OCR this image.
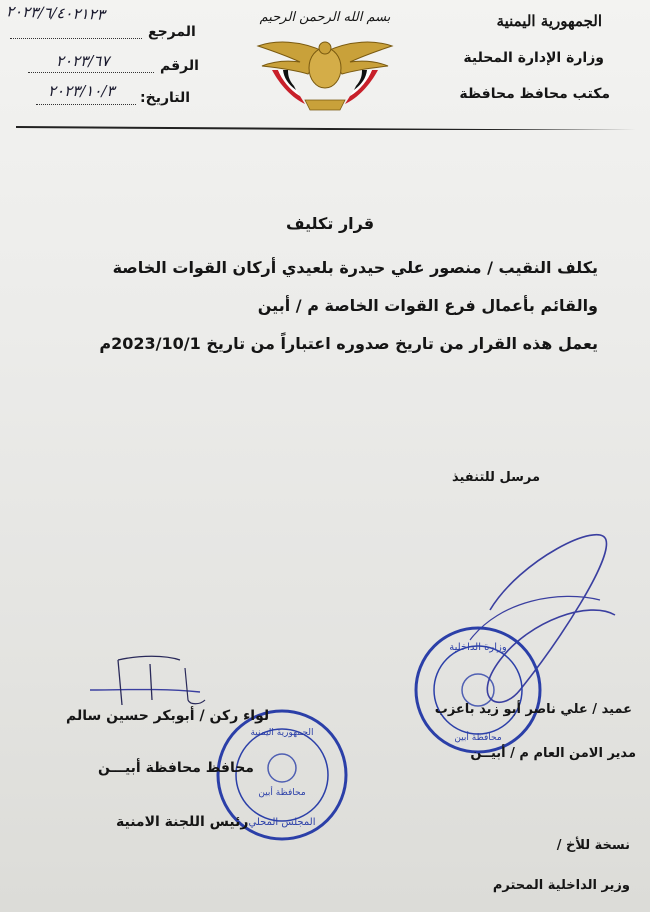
الجمهورية اليمنية
وزارة الإدارة المحلية
مكتب محافظ محافظة
بسم الله الرحمن الرحيم
المرجع
٢٠٢٣/٦/٤٠٢١٢٣
الرقم
٢٠٢٣/٦٧
التاريخ:
٢٠٢٣/١٠/٣
قرار تكليف
يكلف النقيب / منصور علي حيدرة بلعيدي أركان القوات الخاصة
والقائم بأعمال فرع القوات الخاصة م / أبين
يعمل هذه القرار من تاريخ صدوره اعتباراً من تاريخ 2023/10/1م
مرسل للتنفيذ
وزارة الداخلية
محافظة أبين
الجمهورية اليمنية
محافظة أبين
المجلس المحلي
عميد / علي ناصر أبو زيد باعزب
مدير الامن العام م / أبيــن
لواء ركن / أبوبكر حسين سالم
محافظ محافظة أبيـــن
رئيس اللجنة الامنية
نسخة للأخ /
وزير الداخلية المحترم
